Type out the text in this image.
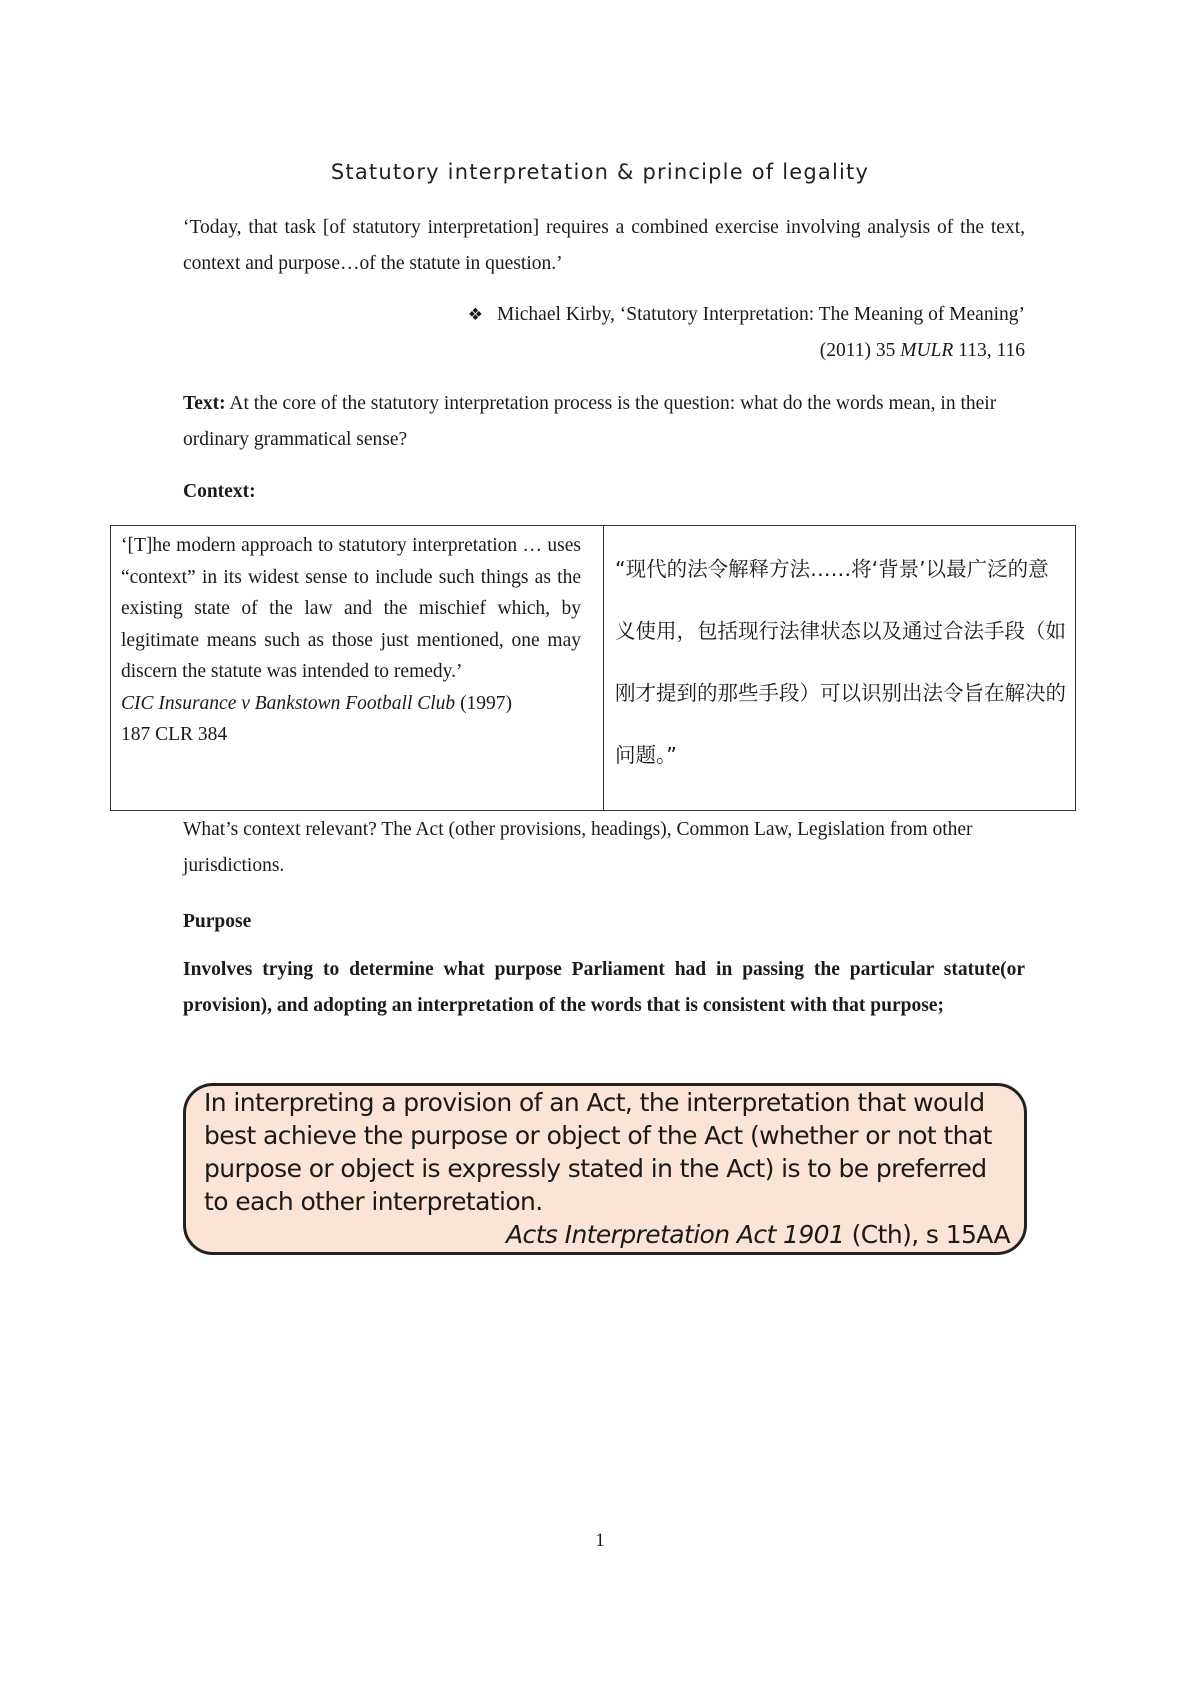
Statutory interpretation & principle of legality
‘Today, that task [of statutory interpretation] requires a combined exercise involving analysis of the text, context and purpose…of the statute in question.’
❖ Michael Kirby, ‘Statutory Interpretation: The Meaning of Meaning’
(2011) 35 MULR 113, 116
Text: At the core of the statutory interpretation process is the question: what do the words mean, in their ordinary grammatical sense?
Context:
‘[T]he modern approach to statutory interpretation … uses “context” in its widest sense to include such things as the existing state of the law and the mischief which, by legitimate means such as those just mentioned, one may discern the statute was intended to remedy.’
CIC Insurance v Bankstown Football Club (1997)
187 CLR 384
“现代的法令解释方法……将‘背景’以最广泛的意义使用，包括现行法律状态以及通过合法手段（如刚才提到的那些手段）可以识别出法令旨在解决的问题。”
What’s context relevant? The Act (other provisions, headings), Common Law, Legislation from other jurisdictions.
Purpose
Involves trying to determine what purpose Parliament had in passing the particular statute(or provision), and adopting an interpretation of the words that is consistent with that purpose;
In interpreting a provision of an Act, the interpretation that would best achieve the purpose or object of the Act (whether or not that purpose or object is expressly stated in the Act) is to be preferred to each other interpretation.
Acts Interpretation Act 1901 (Cth), s 15AA
1
